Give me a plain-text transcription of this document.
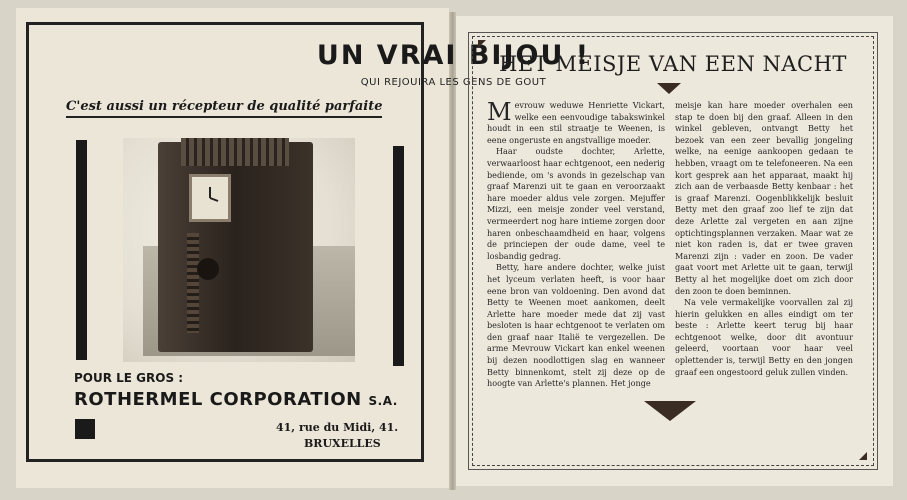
UN VRAI BIJOU !
QUI REJOUIRA LES GENS DE GOUT
C'est aussi un récepteur de qualité parfaite
POUR LE GROS :
ROTHERMEL CORPORATION S.A.
41, rue du Midi, 41.
BRUXELLES
HET MEISJE VAN EEN NACHT

Mevrouw weduwe Henriette Vickart, welke een eenvoudige tabakswinkel houdt in een stil straatje te Weenen, is eene ongeruste en angstvallige moeder.

Haar oudste dochter, Arlette, verwaarloost haar echtgenoot, een nederig bediende, om 's avonds in gezelschap van graaf Marenzi uit te gaan en veroorzaakt hare moeder aldus vele zorgen. Mejuffer Mizzi, een meisje zonder veel verstand, vermeerdert nog hare intieme zorgen door haren onbeschaamdheid en haar, volgens de princiepen der oude dame, veel te losbandig gedrag.

Betty, hare andere dochter, welke juist het lyceum verlaten heeft, is voor haar eene bron van voldoening. Den avond dat Betty te Weenen moet aankomen, deelt Arlette hare moeder mede dat zij vast besloten is haar echtgenoot te verlaten om den graaf naar Italië te vergezellen. De arme Mevrouw Vickart kan enkel weenen bij dezen noodlottigen slag en wanneer Betty binnenkomt, stelt zij deze op de hoogte van Arlette's plannen. Het jonge

meisje kan hare moeder overhalen een stap te doen bij den graaf. Alleen in den winkel gebleven, ontvangt Betty het bezoek van een zeer bevallig jongeling welke, na eenige aankoopen gedaan te hebben, vraagt om te telefoneeren. Na een kort gesprek aan het apparaat, maakt hij zich aan de verbaasde Betty kenbaar : het is graaf Marenzi. Oogenblikkelijk besluit Betty met den graaf zoo lief te zijn dat deze Arlette zal vergeten en aan zijne optichtingsplannen verzaken. Maar wat ze niet kon raden is, dat er twee graven Marenzi zijn : vader en zoon. De vader gaat voort met Arlette uit te gaan, terwijl Betty al het mogelijke doet om zich door den zoon te doen beminnen.

Na vele vermakelijke voorvallen zal zij hierin gelukken en alles eindigt om ter beste : Arlette keert terug bij haar echtgenoot welke, door dit avontuur geleerd, voortaan voor haar veel oplettender is, terwijl Betty en den jongen graaf een ongestoord geluk zullen vinden.
